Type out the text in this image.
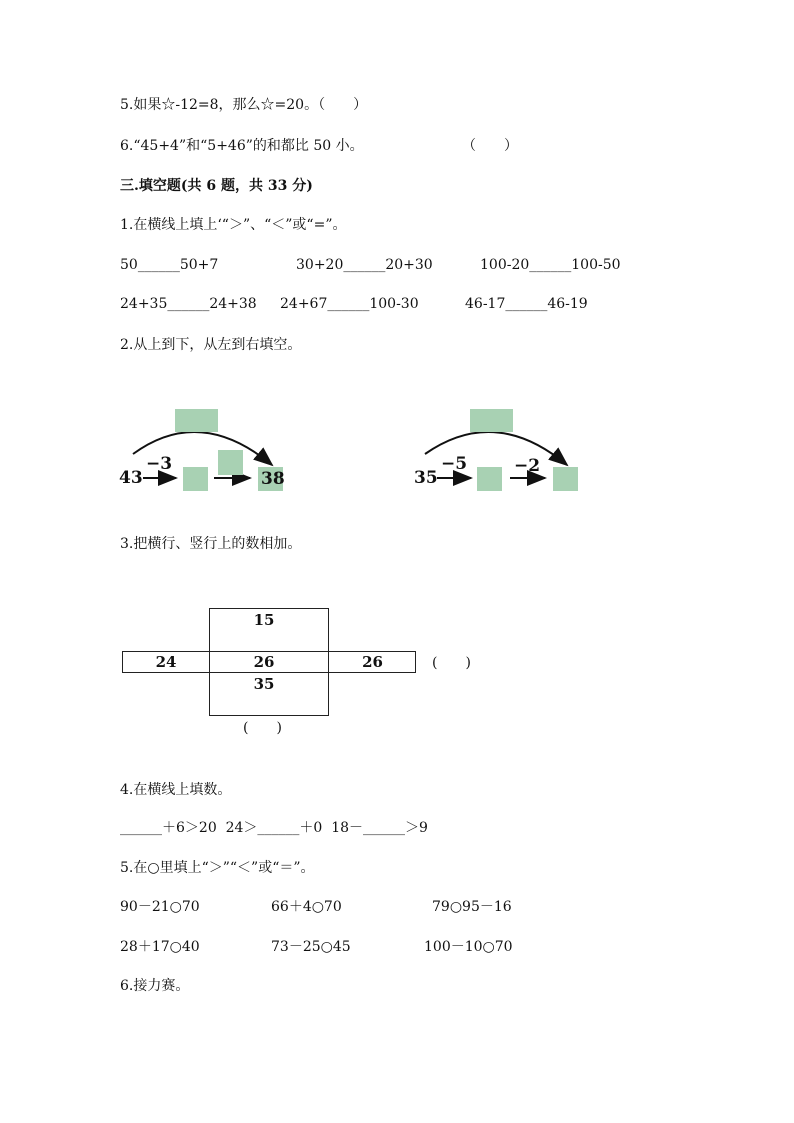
5.如果☆-12=8，那么☆=20。（　　）
6.“45+4”和“5+46”的和都比 50 小。	（　　）
三.填空题(共 6 题，共 33 分)
1.在横线上填上‘“＞”、“＜”或“=”。
50______50+7	30+20______20+30	100-20______100-50
24+35______24+38 24+67______100-30	46-17______46-19
2.从上到下，从左到右填空。
43
−3
38	35
−5	−2
3.把横行、竖行上的数相加。
15
24	26	26
35
(　　)
(　　)
4.在横线上填数。
______＋6＞20  24＞______＋0  18－______＞9
5.在○里填上“＞”“＜”或“＝”。
90－21○70	66＋4○70	79○95－16
28＋17○40	73－25○45	100－10○70
6.接力赛。
